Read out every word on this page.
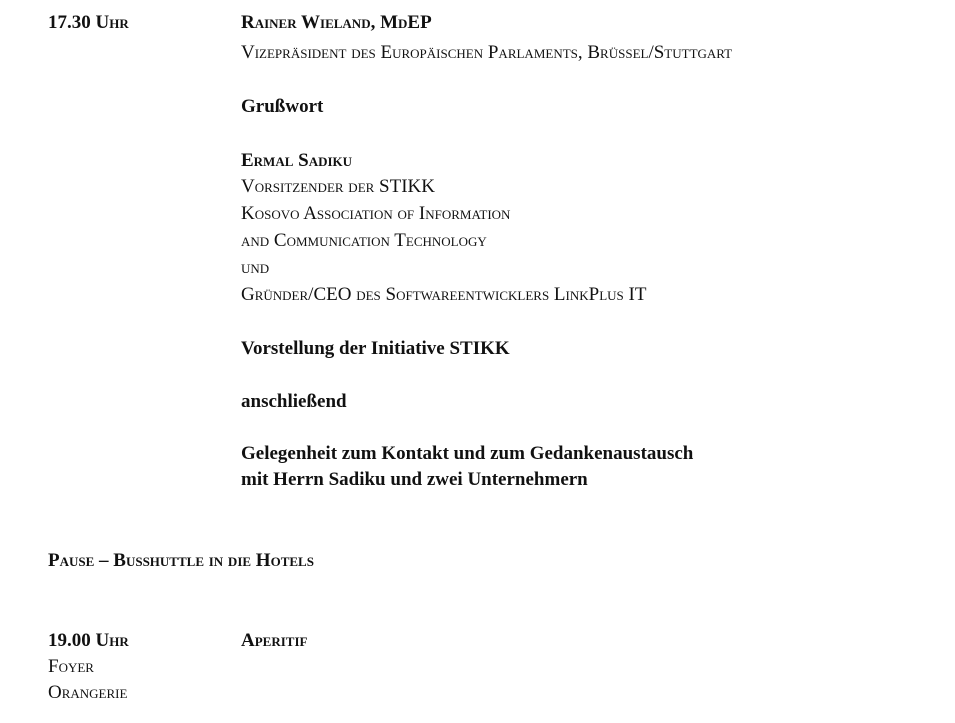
17.30 Uhr	Rainer Wieland, MdEP
Vizepräsident des Europäischen Parlaments, Brüssel/Stuttgart
Grußwort
Ermal Sadiku
Vorsitzender der STIKK
Kosovo Association of Information
and Communication Technology
und
Gründer/CEO des Softwareentwicklers LinkPlus IT
Vorstellung der Initiative STIKK
anschließend
Gelegenheit zum Kontakt und zum Gedankenaustausch
mit Herrn Sadiku und zwei Unternehmern
Pause – Busshuttle in die Hotels
19.00 Uhr
Foyer
Orangerie
Aperitif
